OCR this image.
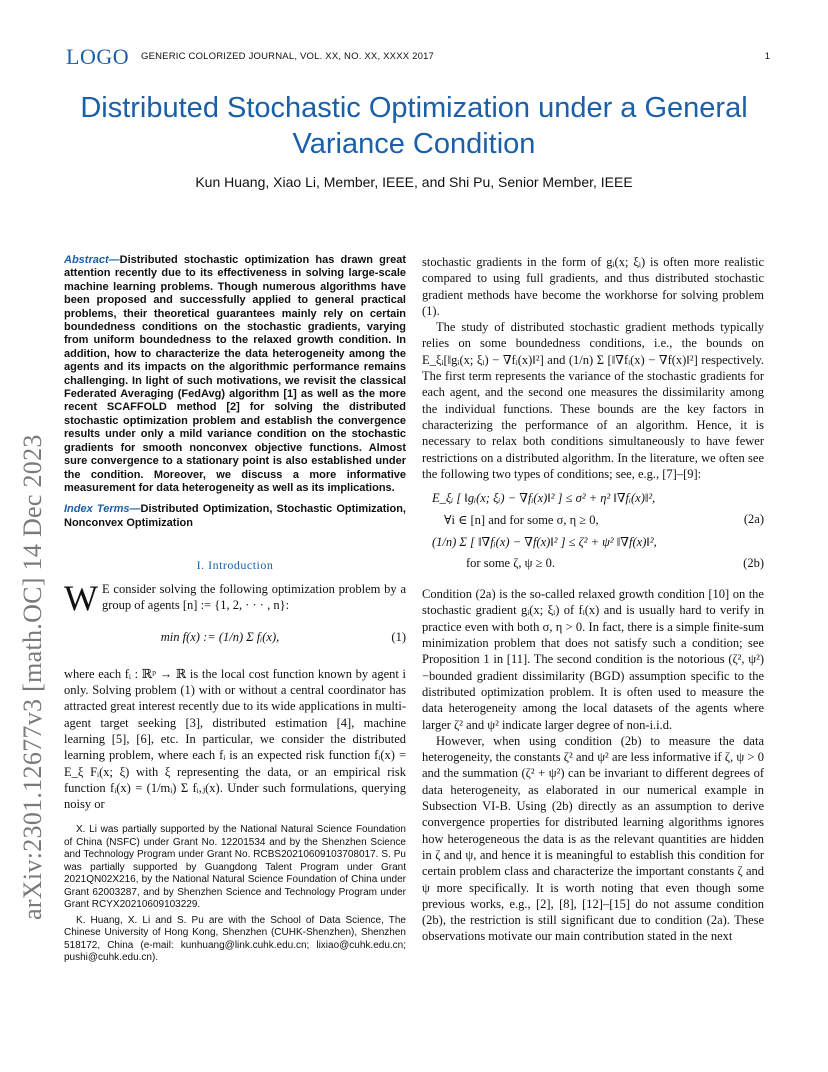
LOGO GENERIC COLORIZED JOURNAL, VOL. XX, NO. XX, XXXX 2017	1
Distributed Stochastic Optimization under a General Variance Condition
Kun Huang, Xiao Li, Member, IEEE, and Shi Pu, Senior Member, IEEE
arXiv:2301.12677v3 [math.OC] 14 Dec 2023

Abstract—Distributed stochastic optimization has drawn great attention recently due to its effectiveness in solving large-scale machine learning problems. Though numerous algorithms have been proposed and successfully applied to general practical problems, their theoretical guarantees mainly rely on certain boundedness conditions on the stochastic gradients, varying from uniform boundedness to the relaxed growth condition. In addition, how to characterize the data heterogeneity among the agents and its impacts on the algorithmic performance remains challenging. In light of such motivations, we revisit the classical Federated Averaging (FedAvg) algorithm [1] as well as the more recent SCAFFOLD method [2] for solving the distributed stochastic optimization problem and establish the convergence results under only a mild variance condition on the stochastic gradients for smooth nonconvex objective functions. Almost sure convergence to a stationary point is also established under the condition. Moreover, we discuss a more informative measurement for data heterogeneity as well as its implications.

Index Terms—Distributed Optimization, Stochastic Optimization, Nonconvex Optimization

I. Introduction

W E consider solving the following optimization problem by a group of agents [n] := {1, 2, · · · , n}:

min f(x) := (1/n) Σ fᵢ(x),	(1)

where each fᵢ : ℝᵖ → ℝ is the local cost function known by agent i only. Solving problem (1) with or without a central coordinator has attracted great interest recently due to its wide applications in multi-agent target seeking [3], distributed estimation [4], machine learning [5], [6], etc. In particular, we consider the distributed learning problem, where each fᵢ is an expected risk function fᵢ(x) = E_ξ Fᵢ(x; ξ) with ξ representing the data, or an empirical risk function fᵢ(x) = (1/mᵢ) Σ fᵢ,ⱼ(x). Under such formulations, querying noisy or

X. Li was partially supported by the National Natural Science Foundation of China (NSFC) under Grant No. 12201534 and by the Shenzhen Science and Technology Program under Grant No. RCBS20210609103708017. S. Pu was partially supported by Guangdong Talent Program under Grant 2021QN02X216, by the National Natural Science Foundation of China under Grant 62003287, and by Shenzhen Science and Technology Program under Grant RCYX20210609103229.

K. Huang, X. Li and S. Pu are with the School of Data Science, The Chinese University of Hong Kong, Shenzhen (CUHK-Shenzhen), Shenzhen 518172, China (e-mail: kunhuang@link.cuhk.edu.cn; lixiao@cuhk.edu.cn; pushi@cuhk.edu.cn).

stochastic gradients in the form of gᵢ(x; ξᵢ) is often more realistic compared to using full gradients, and thus distributed stochastic gradient methods have become the workhorse for solving problem (1).

The study of distributed stochastic gradient methods typically relies on some boundedness conditions, i.e., the bounds on E_ξᵢ[‖gᵢ(x; ξᵢ) − ∇fᵢ(x)‖²] and (1/n) Σ [‖∇fᵢ(x) − ∇f(x)‖²] respectively. The first term represents the variance of the stochastic gradients for each agent, and the second one measures the dissimilarity among the individual functions. These bounds are the key factors in characterizing the performance of an algorithm. Hence, it is necessary to relax both conditions simultaneously to have fewer restrictions on a distributed algorithm. In the literature, we often see the following two types of conditions; see, e.g., [7]–[9]:

E_ξᵢ [ ‖gᵢ(x; ξᵢ) − ∇fᵢ(x)‖² ] ≤ σ² + η² ‖∇fᵢ(x)‖²,
∀i ∈ [n] and for some σ, η ≥ 0,	(2a)
(1/n) Σ [ ‖∇fᵢ(x) − ∇f(x)‖² ] ≤ ζ² + ψ² ‖∇f(x)‖²,
for some ζ, ψ ≥ 0.	(2b)

Condition (2a) is the so-called relaxed growth condition [10] on the stochastic gradient gᵢ(x; ξᵢ) of fᵢ(x) and is usually hard to verify in practice even with both σ, η > 0. In fact, there is a simple finite-sum minimization problem that does not satisfy such a condition; see Proposition 1 in [11]. The second condition is the notorious (ζ², ψ²)−bounded gradient dissimilarity (BGD) assumption specific to the distributed optimization problem. It is often used to measure the data heterogeneity among the local datasets of the agents where larger ζ² and ψ² indicate larger degree of non-i.i.d.

However, when using condition (2b) to measure the data heterogeneity, the constants ζ² and ψ² are less informative if ζ, ψ > 0 and the summation (ζ² + ψ²) can be invariant to different degrees of data heterogeneity, as elaborated in our numerical example in Subsection VI-B. Using (2b) directly as an assumption to derive convergence properties for distributed learning algorithms ignores how heterogeneous the data is as the relevant quantities are hidden in ζ and ψ, and hence it is meaningful to establish this condition for certain problem class and characterize the important constants ζ and ψ more specifically. It is worth noting that even though some previous works, e.g., [2], [8], [12]–[15] do not assume condition (2b), the restriction is still significant due to condition (2a). These observations motivate our main contribution stated in the next
